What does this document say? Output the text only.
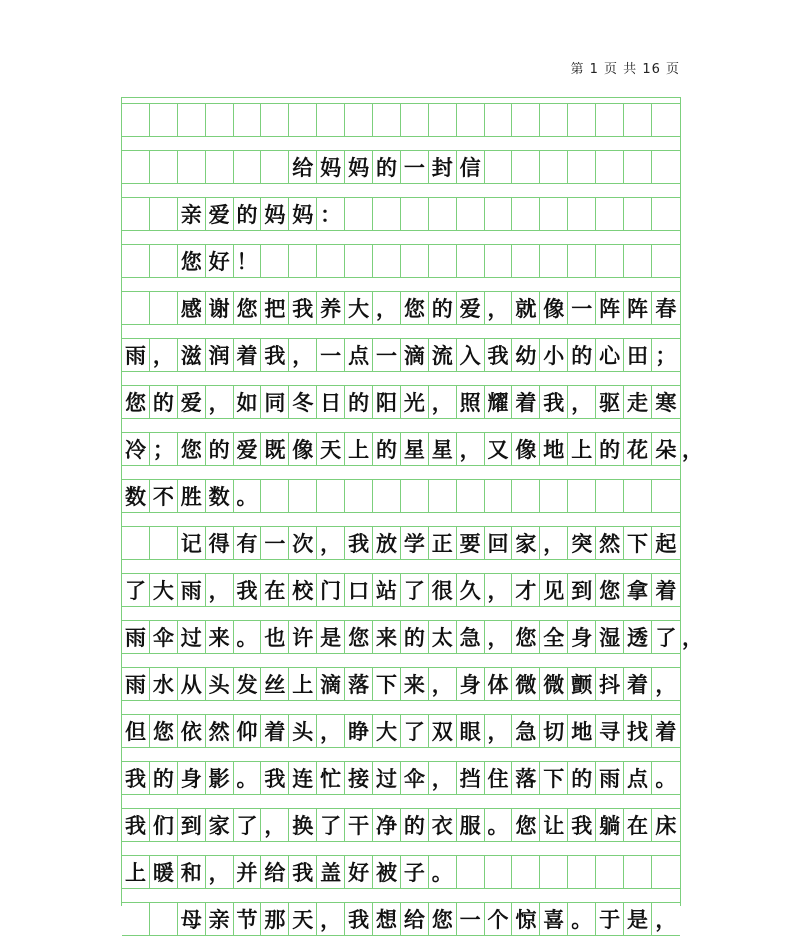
第 1 页 共 16 页
给 妈 妈 的 一 封 信
亲 爱 的 妈 妈 ：
您 好 ！
感 谢 您 把 我 养 大 ， 您 的 爱 ， 就 像 一 阵 阵 春
雨 ， 滋 润 着 我 ， 一 点 一 滴 流 入 我 幼 小 的 心 田 ；
您 的 爱 ， 如 同 冬 日 的 阳 光 ， 照 耀 着 我 ， 驱 走 寒
冷 ； 您 的 爱 既 像 天 上 的 星 星 ， 又 像 地 上 的 花 朵 ，
数 不 胜 数 。
记 得 有 一 次 ， 我 放 学 正 要 回 家 ， 突 然 下 起
了 大 雨 ， 我 在 校 门 口 站 了 很 久 ， 才 见 到 您 拿 着
雨 伞 过 来 。 也 许 是 您 来 的 太 急 ， 您 全 身 湿 透 了 ，
雨 水 从 头 发 丝 上 滴 落 下 来 ， 身 体 微 微 颤 抖 着 ，
但 您 依 然 仰 着 头 ， 睁 大 了 双 眼 ， 急 切 地 寻 找 着
我 的 身 影 。 我 连 忙 接 过 伞 ， 挡 住 落 下 的 雨 点 。
我 们 到 家 了 ， 换 了 干 净 的 衣 服 。 您 让 我 躺 在 床
上 暖 和 ， 并 给 我 盖 好 被 子 。
母 亲 节 那 天 ， 我 想 给 您 一 个 惊 喜 。 于 是 ，
